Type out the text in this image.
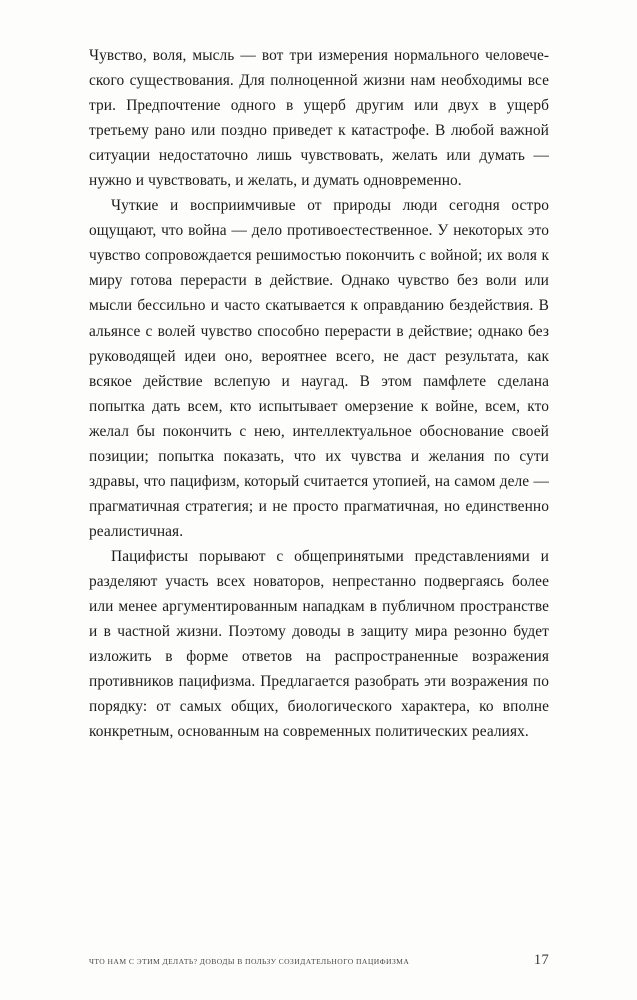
Чувство, воля, мысль — вот три измерения нормального человеческого существования. Для полноценной жизни нам необходимы все три. Предпочтение одного в ущерб другим или двух в ущерб третьему рано или поздно приведет к катастрофе. В любой важной ситуации недостаточно лишь чувствовать, желать или думать — нужно и чувствовать, и желать, и думать одновременно.

Чуткие и восприимчивые от природы люди сегодня остро ощущают, что война — дело противоестественное. У некоторых это чувство сопровождается решимостью покончить с войной; их воля к миру готова перерасти в действие. Однако чувство без воли или мысли бессильно и часто скатывается к оправданию бездействия. В альянсе с волей чувство способно перерасти в действие; однако без руководящей идеи оно, вероятнее всего, не даст результата, как всякое действие вслепую и наугад. В этом памфлете сделана попытка дать всем, кто испытывает омерзение к войне, всем, кто желал бы покончить с нею, интеллектуальное обоснование своей позиции; попытка показать, что их чувства и желания по сути здравы, что пацифизм, который считается утопией, на самом деле — прагматичная стратегия; и не просто прагматичная, но единственно реалистичная.

Пацифисты порывают с общепринятыми представлениями и разделяют участь всех новаторов, непрестанно подвергаясь более или менее аргументированным нападкам в публичном пространстве и в частной жизни. Поэтому доводы в защиту мира резонно будет изложить в форме ответов на распространенные возражения противников пацифизма. Предлагается разобрать эти возражения по порядку: от самых общих, биологического характера, ко вполне конкретным, основанным на современных политических реалиях.

ЧТО НАМ С ЭТИМ ДЕЛАТЬ? ДОВОДЫ В ПОЛЬЗУ СОЗИДАТЕЛЬНОГО ПАЦИФИЗМА	17
